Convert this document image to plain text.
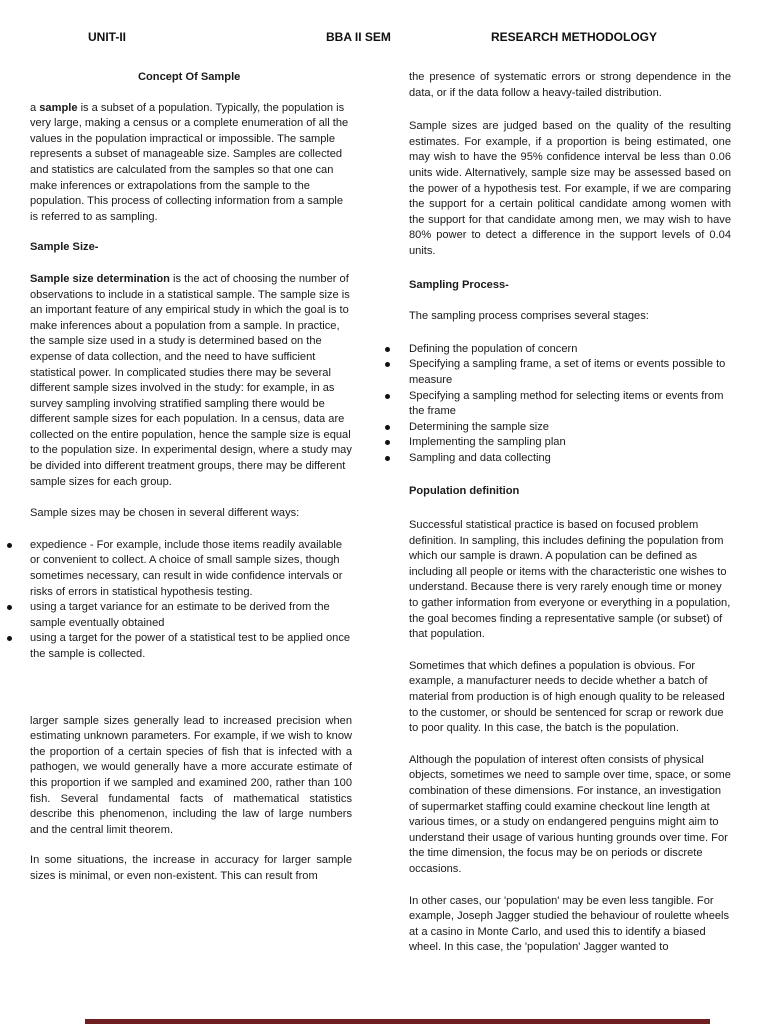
UNIT-II	BBA II SEM	RESEARCH METHODOLOGY

Concept Of Sample

a sample is a subset of a population. Typically, the population is very large, making a census or a complete enumeration of all the values in the population impractical or impossible. The sample represents a subset of manageable size. Samples are collected and statistics are calculated from the samples so that one can make inferences or extrapolations from the sample to the population. This process of collecting information from a sample is referred to as sampling.

Sample Size-

Sample size determination is the act of choosing the number of observations to include in a statistical sample. The sample size is an important feature of any empirical study in which the goal is to make inferences about a population from a sample. In practice, the sample size used in a study is determined based on the expense of data collection, and the need to have sufficient statistical power. In complicated studies there may be several different sample sizes involved in the study: for example, in as survey sampling involving stratified sampling there would be different sample sizes for each population. In a census, data are collected on the entire population, hence the sample size is equal to the population size. In experimental design, where a study may be divided into different treatment groups, there may be different sample sizes for each group.

Sample sizes may be chosen in several different ways:

expedience - For example, include those items readily available or convenient to collect. A choice of small sample sizes, though sometimes necessary, can result in wide confidence intervals or risks of errors in statistical hypothesis testing.
using a target variance for an estimate to be derived from the sample eventually obtained
using a target for the power of a statistical test to be applied once the sample is collected.

larger sample sizes generally lead to increased precision when estimating unknown parameters. For example, if we wish to know the proportion of a certain species of fish that is infected with a pathogen, we would generally have a more accurate estimate of this proportion if we sampled and examined 200, rather than 100 fish. Several fundamental facts of mathematical statistics describe this phenomenon, including the law of large numbers and the central limit theorem.

In some situations, the increase in accuracy for larger sample sizes is minimal, or even non-existent. This can result from

the presence of systematic errors or strong dependence in the data, or if the data follow a heavy-tailed distribution.

Sample sizes are judged based on the quality of the resulting estimates. For example, if a proportion is being estimated, one may wish to have the 95% confidence interval be less than 0.06 units wide. Alternatively, sample size may be assessed based on the power of a hypothesis test. For example, if we are comparing the support for a certain political candidate among women with the support for that candidate among men, we may wish to have 80% power to detect a difference in the support levels of 0.04 units.

Sampling Process-

The sampling process comprises several stages:

Defining the population of concern
Specifying a sampling frame, a set of items or events possible to measure
Specifying a sampling method for selecting items or events from the frame
Determining the sample size
Implementing the sampling plan
Sampling and data collecting

Population definition

Successful statistical practice is based on focused problem definition. In sampling, this includes defining the population from which our sample is drawn. A population can be defined as including all people or items with the characteristic one wishes to understand. Because there is very rarely enough time or money to gather information from everyone or everything in a population, the goal becomes finding a representative sample (or subset) of that population.

Sometimes that which defines a population is obvious. For example, a manufacturer needs to decide whether a batch of material from production is of high enough quality to be released to the customer, or should be sentenced for scrap or rework due to poor quality. In this case, the batch is the population.

Although the population of interest often consists of physical objects, sometimes we need to sample over time, space, or some combination of these dimensions. For instance, an investigation of supermarket staffing could examine checkout line length at various times, or a study on endangered penguins might aim to understand their usage of various hunting grounds over time. For the time dimension, the focus may be on periods or discrete occasions.

In other cases, our 'population' may be even less tangible. For example, Joseph Jagger studied the behaviour of roulette wheels at a casino in Monte Carlo, and used this to identify a biased wheel. In this case, the 'population' Jagger wanted to
